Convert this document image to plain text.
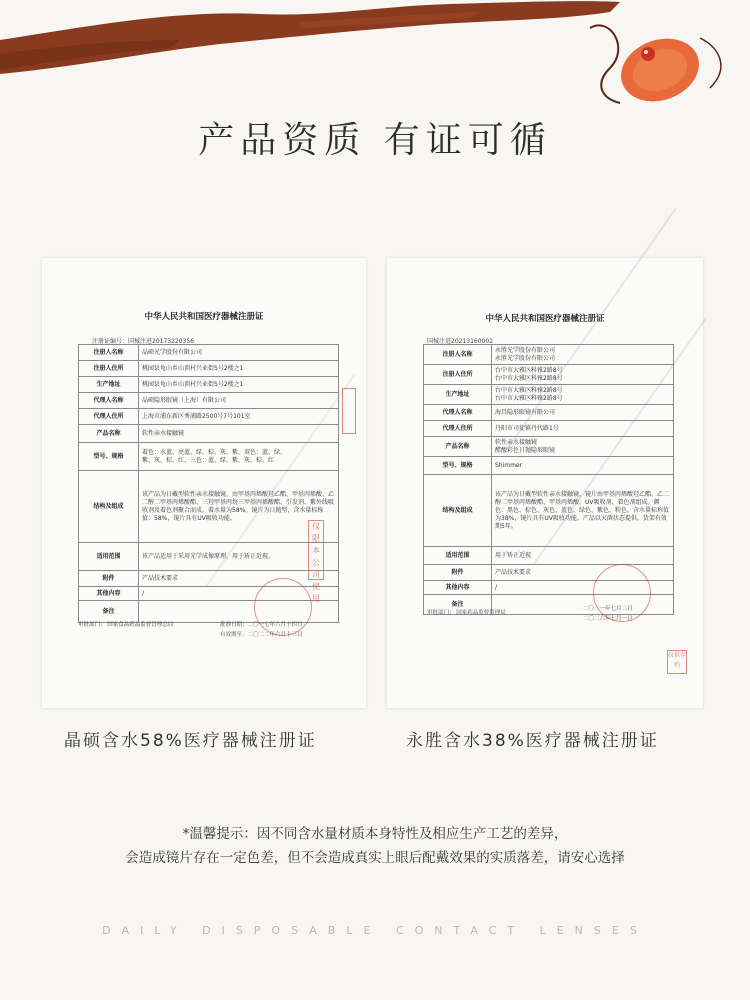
产品资质 有证可循
中华人民共和国医疗器械注册证
注册证编号：国械注进20173220356
注册人名称	晶硕光学股份有限公司

注册人住所	桃园县龟山乡山顶村兴业街5号2楼之1

生产地址	桃园县龟山乡山顶村兴业街5号2楼之1

代理人名称	晶硕隐形眼镜（上海）有限公司

代理人住所	上海市浦东新区秀浦路2500号7号101室

产品名称	软性亲水接触镜

型号、规格	着色：水蓝、亮蓝、绿、棕、灰、紫、双色：蓝、绿、
紫、灰、棕、红、三色：蓝、绿、紫、灰、棕、红

结构及组成	该产品为日戴型软性亲水接触镜，由甲基丙烯酸羟乙酯、甲基丙烯酸、乙二醇二甲基丙烯酸酯、三羟甲基丙烷三甲基丙烯酸酯、引发剂、紫外线吸收剂及着色剂聚合而成。着水量为58%。镜片为日抛型，含水量标称值：58%，镜片具有UV吸收功能。

适用范围	该产品适用于采用光学成像原理，用于矫正近视。

附件	产品技术要求

其他内容	/

备注	
审批部门： 国家食品药品监督管理总局	批准日期：二〇一七年六月十四日
有效期至：二〇二二年六月十三日
仅限本公司使用
中华人民共和国医疗器械注册证
国械注进20213160002
注册人名称	永胜光学股份有限公司
永胜光学股份有限公司

注册人住所	台中市大雅区科雅2路8号
台中市大雅区科雅2路8号

生产地址	台中市大雅区科雅2路8号
台中市大雅区科雅2路8号

代理人名称	海昌隐形眼镜有限公司

代理人住所	丹阳市司徒镇丹代路1号

产品名称	软性亲水接触镜
醋酸彩色日抛隐形眼镜

型号、规格	Shimmer

结构及组成	该产品为日戴型软性亲水接触镜，镜片由甲基丙烯酸羟乙酯、乙二醇二甲基丙烯酸酯、甲基丙烯酸、UV吸收剂、着色剂组成。颜色：黑色、棕色、灰色、蓝色、绿色、紫色、粉色。含水量标称值为38%，镜片具有UV吸收功能。产品以灭菌状态提供，货架有效期5年。

适用范围	用于矫正近视

附件	产品技术要求

其他内容	/

备注	
审批部门： 国家药品监督管理局
二〇二一年七月二日
二〇二六年七月一日
仅供存档
晶硕含水58%医疗器械注册证	永胜含水38%医疗器械注册证
*温馨提示：因不同含水量材质本身特性及相应生产工艺的差异，
会造成镜片存在一定色差，但不会造成真实上眼后配戴效果的实质落差，请安心选择
DAILY DISPOSABLE CONTACT LENSES
